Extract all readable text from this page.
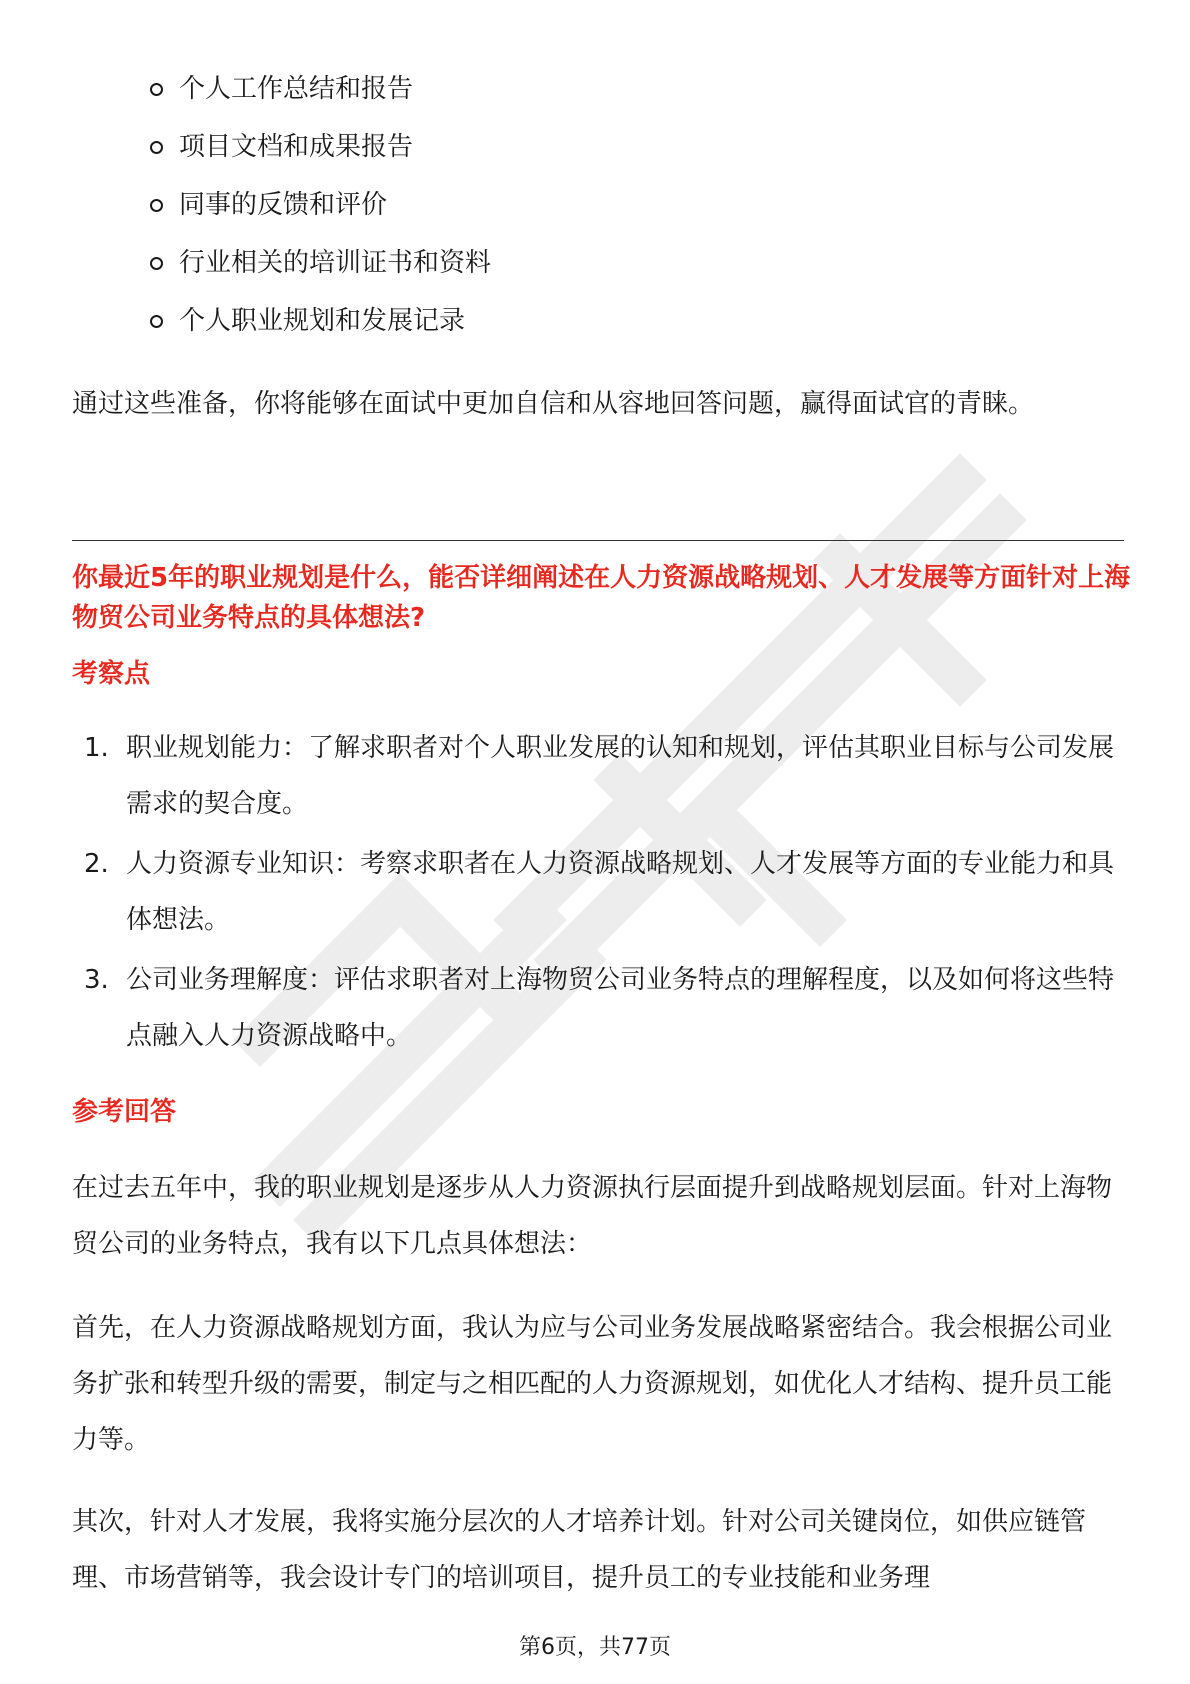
个人工作总结和报告
项目文档和成果报告
同事的反馈和评价
行业相关的培训证书和资料
个人职业规划和发展记录

通过这些准备，你将能够在面试中更加自信和从容地回答问题，赢得面试官的青睐。

你最近5年的职业规划是什么，能否详细阐述在人力资源战略规划、人才发展等方面针对上海物贸公司业务特点的具体想法?

考察点

1. 职业规划能力：了解求职者对个人职业发展的认知和规划，评估其职业目标与公司发展需求的契合度。
2. 人力资源专业知识：考察求职者在人力资源战略规划、人才发展等方面的专业能力和具体想法。
3. 公司业务理解度：评估求职者对上海物贸公司业务特点的理解程度，以及如何将这些特点融入人力资源战略中。

参考回答

在过去五年中，我的职业规划是逐步从人力资源执行层面提升到战略规划层面。针对上海物贸公司的业务特点，我有以下几点具体想法：

首先，在人力资源战略规划方面，我认为应与公司业务发展战略紧密结合。我会根据公司业务扩张和转型升级的需要，制定与之相匹配的人力资源规划，如优化人才结构、提升员工能力等。

其次，针对人才发展，我将实施分层次的人才培养计划。针对公司关键岗位，如供应链管理、市场营销等，我会设计专门的培训项目，提升员工的专业技能和业务理

第6页，共77页
